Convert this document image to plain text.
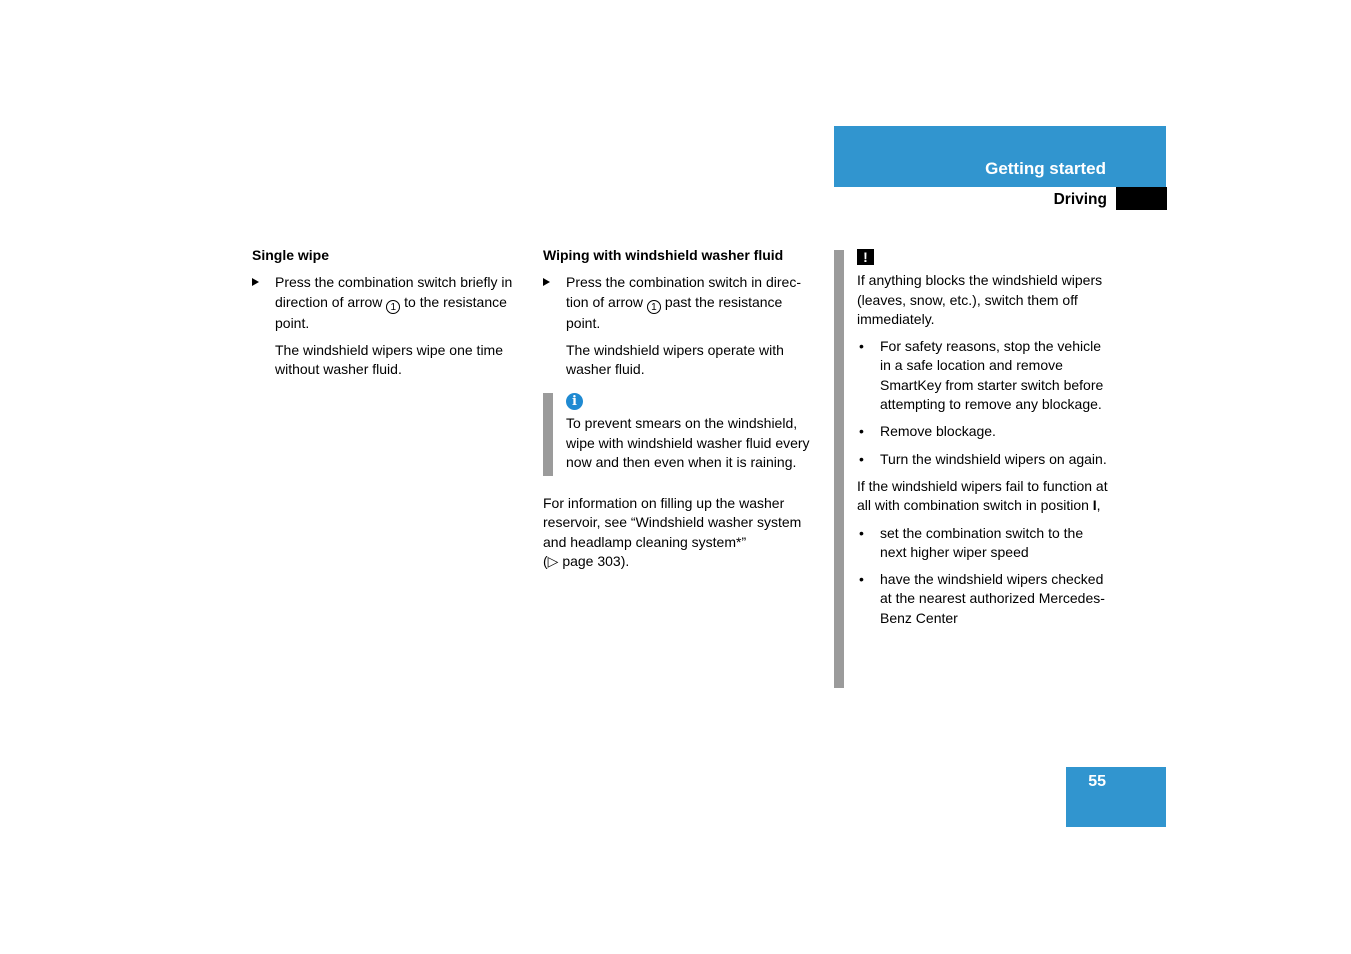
Getting started
Driving

Single wipe

Press the combination switch briefly in direction of arrow 1 to the resistance point.

The windshield wipers wipe one time without washer fluid.

Wiping with windshield washer fluid

Press the combination switch in direc-tion of arrow 1 past the resistance point.

The windshield wipers operate with washer fluid.

i

To prevent smears on the windshield, wipe with windshield washer fluid every now and then even when it is raining.

For information on filling up the washer reservoir, see “Windshield washer system and headlamp cleaning system*”

(▷ page 303).

!

If anything blocks the windshield wipers (leaves, snow, etc.), switch them off immediately.

• For safety reasons, stop the vehicle in a safe location and remove SmartKey from starter switch before attempting to remove any blockage.

• Remove blockage.

• Turn the windshield wipers on again.

If the windshield wipers fail to function at all with combination switch in position I,

• set the combination switch to the next higher wiper speed

• have the windshield wipers checked at the nearest authorized Mercedes-Benz Center

55
